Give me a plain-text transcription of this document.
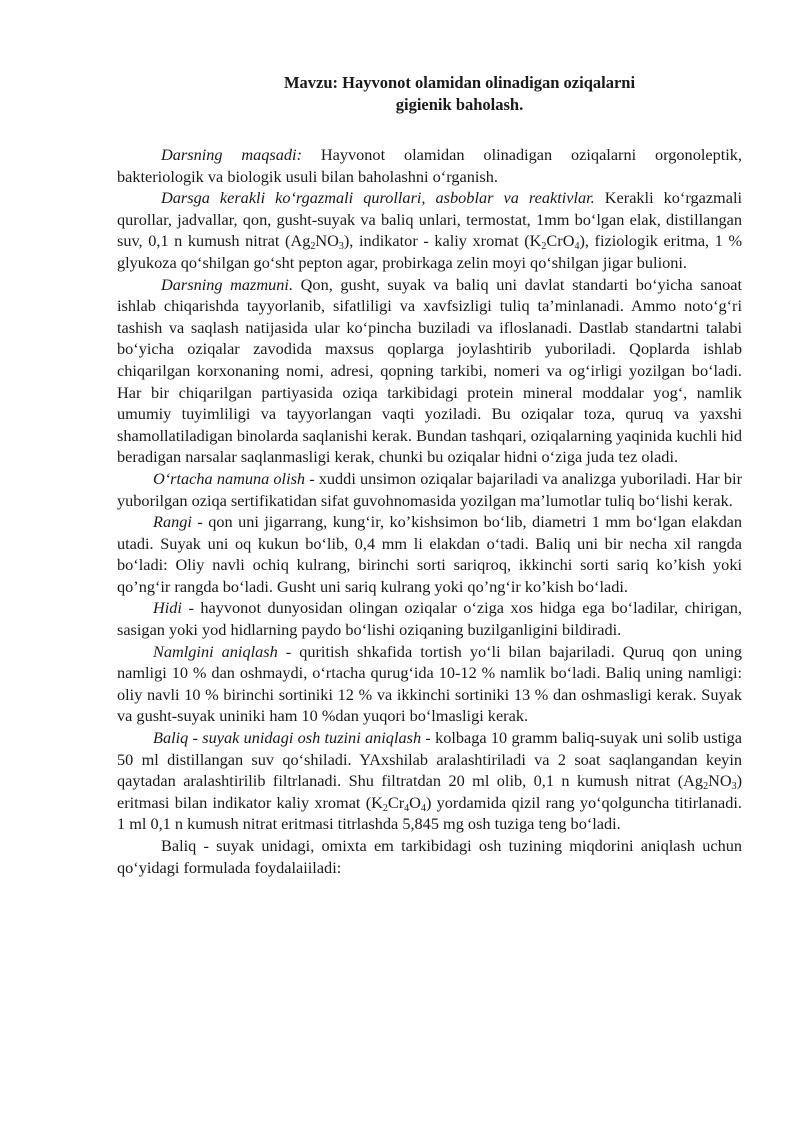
Mavzu: Hayvonot olamidan olinadigan oziqalarni
gigienik baholash.

Darsning maqsadi: Hayvonot olamidan olinadigan oziqalarni orgonoleptik, bakteriologik va biologik usuli bilan baholashni o‘rganish.

Darsga kerakli ko‘rgazmali qurollari, asboblar va reaktivlar. Kerakli ko‘rgazmali qurollar, jadvallar, qon, gusht-suyak va baliq unlari, termostat, 1mm bo‘lgan elak, distillangan suv, 0,1 n kumush nitrat $(Ag_2NO_3)$, indikator - kaliy xromat $(K_2CrO_4)$, fiziologik eritma, 1 % glyukoza qo‘shilgan go‘sht pepton agar, probirkaga zelin moyi qo‘shilgan jigar bulioni.

Darsning mazmuni. Qon, gusht, suyak va baliq uni davlat standarti bo‘yicha sanoat ishlab chiqarishda tayyorlanib, sifatliligi va xavfsizligi tuliq ta’minlanadi. Ammo noto‘g‘ri tashish va saqlash natijasida ular ko‘pincha buziladi va ifloslanadi. Dastlab standartni talabi bo‘yicha oziqalar zavodida maxsus qoplarga joylashtirib yuboriladi. Qoplarda ishlab chiqarilgan korxonaning nomi, adresi, qopning tarkibi, nomeri va og‘irligi yozilgan bo‘ladi. Har bir chiqarilgan partiyasida oziqa tarkibidagi protein mineral moddalar yog‘, namlik umumiy tuyimliligi va tayyorlangan vaqti yoziladi. Bu oziqalar toza, quruq va yaxshi shamollatiladigan binolarda saqlanishi kerak. Bundan tashqari, oziqalarning yaqinida kuchli hid beradigan narsalar saqlanmasligi kerak, chunki bu oziqalar hidni o‘ziga juda tez oladi.

O‘rtacha namuna olish - xuddi unsimon oziqalar bajariladi va analizga yuboriladi. Har bir yuborilgan oziqa sertifikatidan sifat guvohnomasida yozilgan ma’lumotlar tuliq bo‘lishi kerak.

Rangi - qon uni jigarrang, kung‘ir, ko’kishsimon bo‘lib, diametri 1 mm bo‘lgan elakdan utadi. Suyak uni oq kukun bo‘lib, 0,4 mm li elakdan o‘tadi. Baliq uni bir necha xil rangda bo‘ladi: Oliy navli ochiq kulrang, birinchi sorti sariqroq, ikkinchi sorti sariq ko’kish yoki qo’ng‘ir rangda bo‘ladi. Gusht uni sariq kulrang yoki qo’ng‘ir ko’kish bo‘ladi.

Hidi - hayvonot dunyosidan olingan oziqalar o‘ziga xos hidga ega bo‘ladilar, chirigan, sasigan yoki yod hidlarning paydo bo‘lishi oziqaning buzilganligini bildiradi.

Namlgini aniqlash - quritish shkafida tortish yo‘li bilan bajariladi. Quruq qon uning namligi 10 % dan oshmaydi, o‘rtacha qurug‘ida 10-12 % namlik bo‘ladi. Baliq uning namligi: oliy navli 10 % birinchi sortiniki 12 % va ikkinchi sortiniki 13 % dan oshmasligi kerak. Suyak va gusht-suyak uniniki ham 10 %dan yuqori bo‘lmasligi kerak.

Baliq - suyak unidagi osh tuzini aniqlash - kolbaga 10 gramm baliq-suyak uni solib ustiga 50 ml distillangan suv qo‘shiladi. YAxshilab aralashtiriladi va 2 soat saqlangandan keyin qaytadan aralashtirilib filtrlanadi. Shu filtratdan 20 ml olib, 0,1 n kumush nitrat $(Ag_2NO_3)$ eritmasi bilan indikator kaliy xromat $(K_2Cr_4O_4)$ yordamida qizil rang yo‘qolguncha titirlanadi. 1 ml 0,1 n kumush nitrat eritmasi titrlashda 5,845 mg osh tuziga teng bo‘ladi.

Baliq - suyak unidagi, omixta em tarkibidagi osh tuzining miqdorini aniqlash uchun qo‘yidagi formulada foydalaiiladi:
